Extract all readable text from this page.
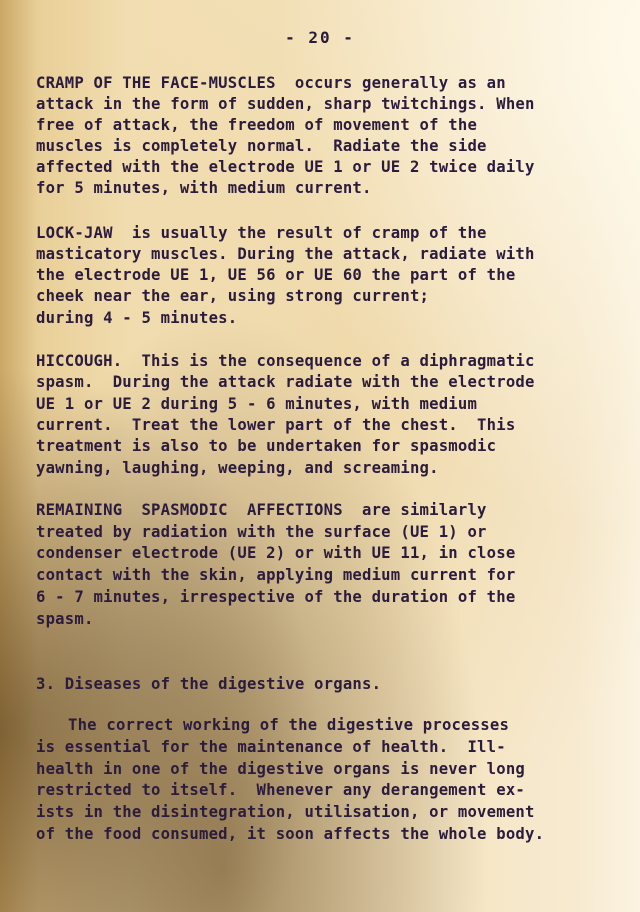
- 20 -
CRAMP OF THE FACE-MUSCLES  occurs generally as an
attack in the form of sudden, sharp twitchings. When
free of attack, the freedom of movement of the
muscles is completely normal.  Radiate the side
affected with the electrode UE 1 or UE 2 twice daily
for 5 minutes, with medium current.
LOCK-JAW  is usually the result of cramp of the
masticatory muscles. During the attack, radiate with
the electrode UE 1, UE 56 or UE 60 the part of the
cheek near the ear, using strong current;
during 4 - 5 minutes.
HICCOUGH.  This is the consequence of a diphragmatic
spasm.  During the attack radiate with the electrode
UE 1 or UE 2 during 5 - 6 minutes, with medium
current.  Treat the lower part of the chest.  This
treatment is also to be undertaken for spasmodic
yawning, laughing, weeping, and screaming.
REMAINING  SPASMODIC  AFFECTIONS  are similarly
treated by radiation with the surface (UE 1) or
condenser electrode (UE 2) or with UE 11, in close
contact with the skin, applying medium current for
6 - 7 minutes, irrespective of the duration of the
spasm.
3. Diseases of the digestive organs.
The correct working of the digestive processes
is essential for the maintenance of health.  Ill-
health in one of the digestive organs is never long
restricted to itself.  Whenever any derangement ex-
ists in the disintegration, utilisation, or movement
of the food consumed, it soon affects the whole body.
